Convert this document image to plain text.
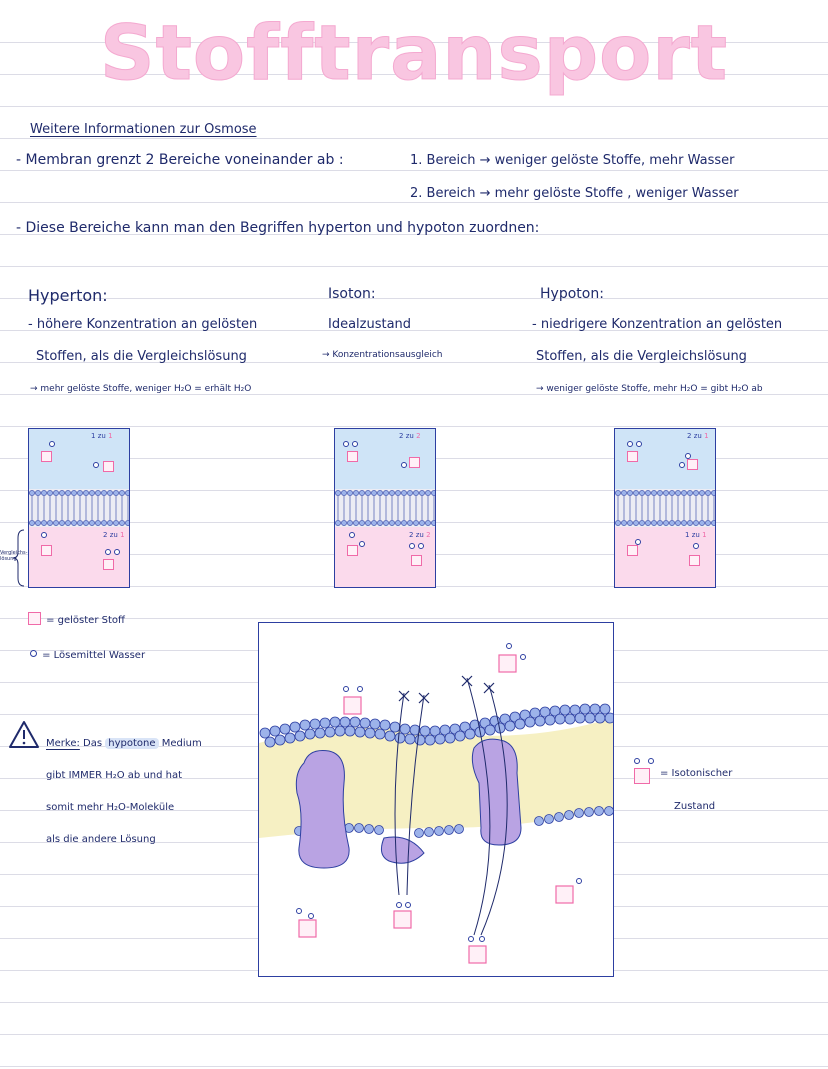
Stofftransport
Weitere Informationen zur Osmose
- Membran grenzt 2 Bereiche voneinander ab :	1. Bereich → weniger gelöste Stoffe, mehr Wasser
2. Bereich → mehr gelöste Stoffe , weniger Wasser
- Diese Bereiche kann man den Begriffen hyperton und hypoton zuordnen:
Hyperton:
- höhere Konzentration an gelösten
Stoffen, als die Vergleichslösung
→ mehr gelöste Stoffe, weniger H₂O = erhält H₂O
Isoton:
Idealzustand
→ Konzentrationsausgleich
Hypoton:
- niedrigere Konzentration an gelösten
Stoffen, als die Vergleichslösung
→ weniger gelöste Stoffe, mehr H₂O = gibt H₂O ab
1 zu 1
2 zu 1
Vergleichs-lösung
2 zu 2
2 zu 2
2 zu 1
1 zu 1
= gelöster Stoff
= Lösemittel Wasser
Merke: Das hypotone Medium
gibt IMMER H₂O ab und hat
somit mehr H₂O-Moleküle
als die andere Lösung
= Isotonischer
Zustand
